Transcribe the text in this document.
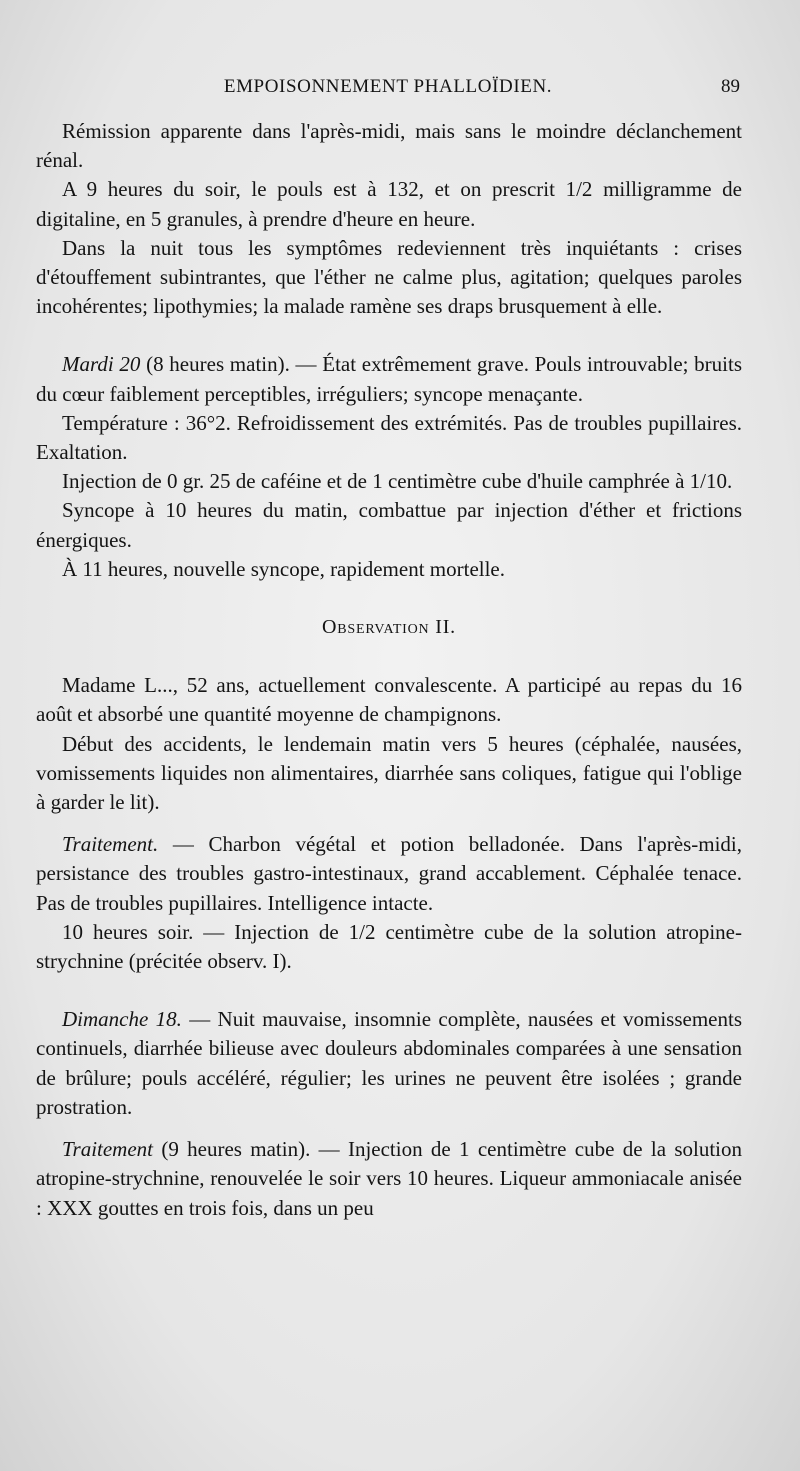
EMPOISONNEMENT PHALLOÏDIEN.	89

Rémission apparente dans l'après-midi, mais sans le moindre déclanchement rénal.

A 9 heures du soir, le pouls est à 132, et on prescrit 1/2 milligramme de digitaline, en 5 granules, à prendre d'heure en heure.

Dans la nuit tous les symptômes redeviennent très inquiétants : crises d'étouffement subintrantes, que l'éther ne calme plus, agitation; quelques paroles incohérentes; lipothymies; la malade ramène ses draps brusquement à elle.

Mardi 20 (8 heures matin). — État extrêmement grave. Pouls introuvable; bruits du cœur faiblement perceptibles, irréguliers; syncope menaçante.

Température : 36°2. Refroidissement des extrémités. Pas de troubles pupillaires. Exaltation.

Injection de 0 gr. 25 de caféine et de 1 centimètre cube d'huile camphrée à 1/10.

Syncope à 10 heures du matin, combattue par injection d'éther et frictions énergiques.

À 11 heures, nouvelle syncope, rapidement mortelle.

Observation II.

Madame L..., 52 ans, actuellement convalescente. A participé au repas du 16 août et absorbé une quantité moyenne de champignons.

Début des accidents, le lendemain matin vers 5 heures (céphalée, nausées, vomissements liquides non alimentaires, diarrhée sans coliques, fatigue qui l'oblige à garder le lit).

Traitement. — Charbon végétal et potion belladonée. Dans l'après-midi, persistance des troubles gastro-intestinaux, grand accablement. Céphalée tenace. Pas de troubles pupillaires. Intelligence intacte.

10 heures soir. — Injection de 1/2 centimètre cube de la solution atropine-strychnine (précitée observ. I).

Dimanche 18. — Nuit mauvaise, insomnie complète, nausées et vomissements continuels, diarrhée bilieuse avec douleurs abdominales comparées à une sensation de brûlure; pouls accéléré, régulier; les urines ne peuvent être isolées ; grande prostration.

Traitement (9 heures matin). — Injection de 1 centimètre cube de la solution atropine-strychnine, renouvelée le soir vers 10 heures. Liqueur ammoniacale anisée : XXX gouttes en trois fois, dans un peu
